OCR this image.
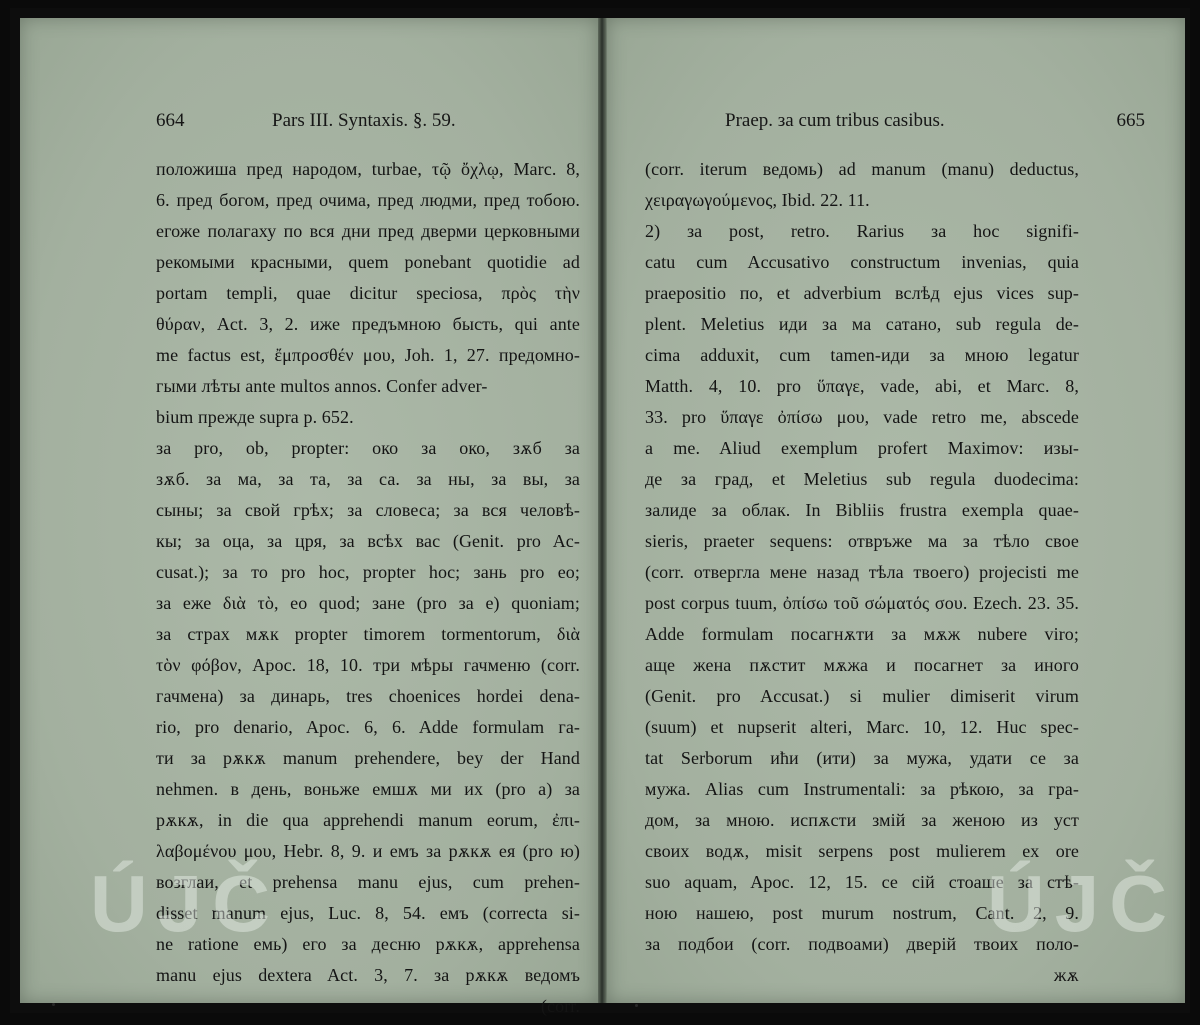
664	Pars III. Syntaxis. §. 59.
положиша пред народом, turbae, τῷ ὄχλῳ, Marc. 8,
6. пред богом, пред очима, пред людми, пред тобою.
егоже полагаху по вся дни пред дверми церковными
рекомыми красными, quem ponebant quotidie ad
portam templi, quae dicitur speciosa, πρὸς τὴν
θύραν, Act. 3, 2. иже предъмною бысть, qui ante
me factus est, ἔμπροσθέν μου, Joh. 1, 27. предомно-
гыми лѣты ante multos annos. Confer adver-
bium прежде supra p. 652.
за pro, ob, propter: око за око, зѫб за
зѫб. за ма, за та, за са. за ны, за вы, за
сыны; за свой грѣх; за словеса; за вся человѣ-
кы; за оца, за цря, за всѣх вас (Genit. pro Ac-
cusat.); за то pro hoc, propter hoc; зань pro eo;
за еже διὰ τὸ, eo quod; зане (pro за е) quoniam;
за страх мѫк propter timorem tormentorum, διὰ
τὸν φόβον, Apoc. 18, 10. три мѣры гачменю (corr.
гачмена) за динарь, tres choenices hordei dena-
rio, pro denario, Apoc. 6, 6. Adde formulam гa-
ти за рѫкѫ manum prehendere, bey der Hand
nehmen. в день, воньже емшѫ ми их (pro а) за
рѫкѫ, in die qua apprehendi manum eorum, ἐπι-
λαβομένου μου, Hebr. 8, 9. и емъ за рѫкѫ ея (pro ю)
возглаи, et prehensa manu ejus, cum prehen-
disset manum ejus, Luc. 8, 54. емъ (correcta si-
ne ratione емь) его за десню рѫкѫ, apprehensa
manu ejus dextera Act. 3, 7. за рѫкѫ ведомъ
(corr.
ÚJČ
Praep. за cum tribus casibus.	665
(corr. iterum ведомь) ad manum (manu) deductus,
χειραγωγούμενος, Ibid. 22. 11.
2) за post, retro. Rarius за hoc signifi-
catu cum Accusativo constructum invenias, quia
praepositio по, et adverbium вслѣд ejus vices sup-
plent. Meletius иди за ма сатано, sub regula de-
cima adduxit, cum tamen-иди за мною legatur
Matth. 4, 10. pro ὕπαγε, vade, abi, et Marc. 8,
33. pro ὕπαγε ὀπίσω μου, vade retro me, abscede
a me. Aliud exemplum profert Maximov: изы-
де за град, et Meletius sub regula duodecima:
залиде за облак. In Bibliis frustra exempla quae-
sieris, praeter sequens: отвръже ма за тѣло свое
(corr. отвергла мене назад тѣла твоего) projecisti me
post corpus tuum, ὀπίσω τοῦ σώματός σου. Ezech. 23. 35.
Adde formulam посагнѫти за мѫж nubere viro;
аще жена пѫстит мѫжа и посагнет за иного
(Genit. pro Accusat.) si mulier dimiserit virum
(suum) et nupserit alteri, Marc. 10, 12. Huc spec-
tat Serborum ићи (ити) за мужа, удати се за
мужа. Alias cum Instrumentali: за рѣкою, за гра-
дом, за мною. испѫсти змій за женою из уст
своих водѫ, misit serpens post mulierem ex ore
suo aquam, Apoc. 12, 15. се сій стоаше за стѣ-
ною нашею, post murum nostrum, Cant. 2, 9.
за подбои (corr. подвоами) дверій твоих поло-
жѫ
ÚJČ
